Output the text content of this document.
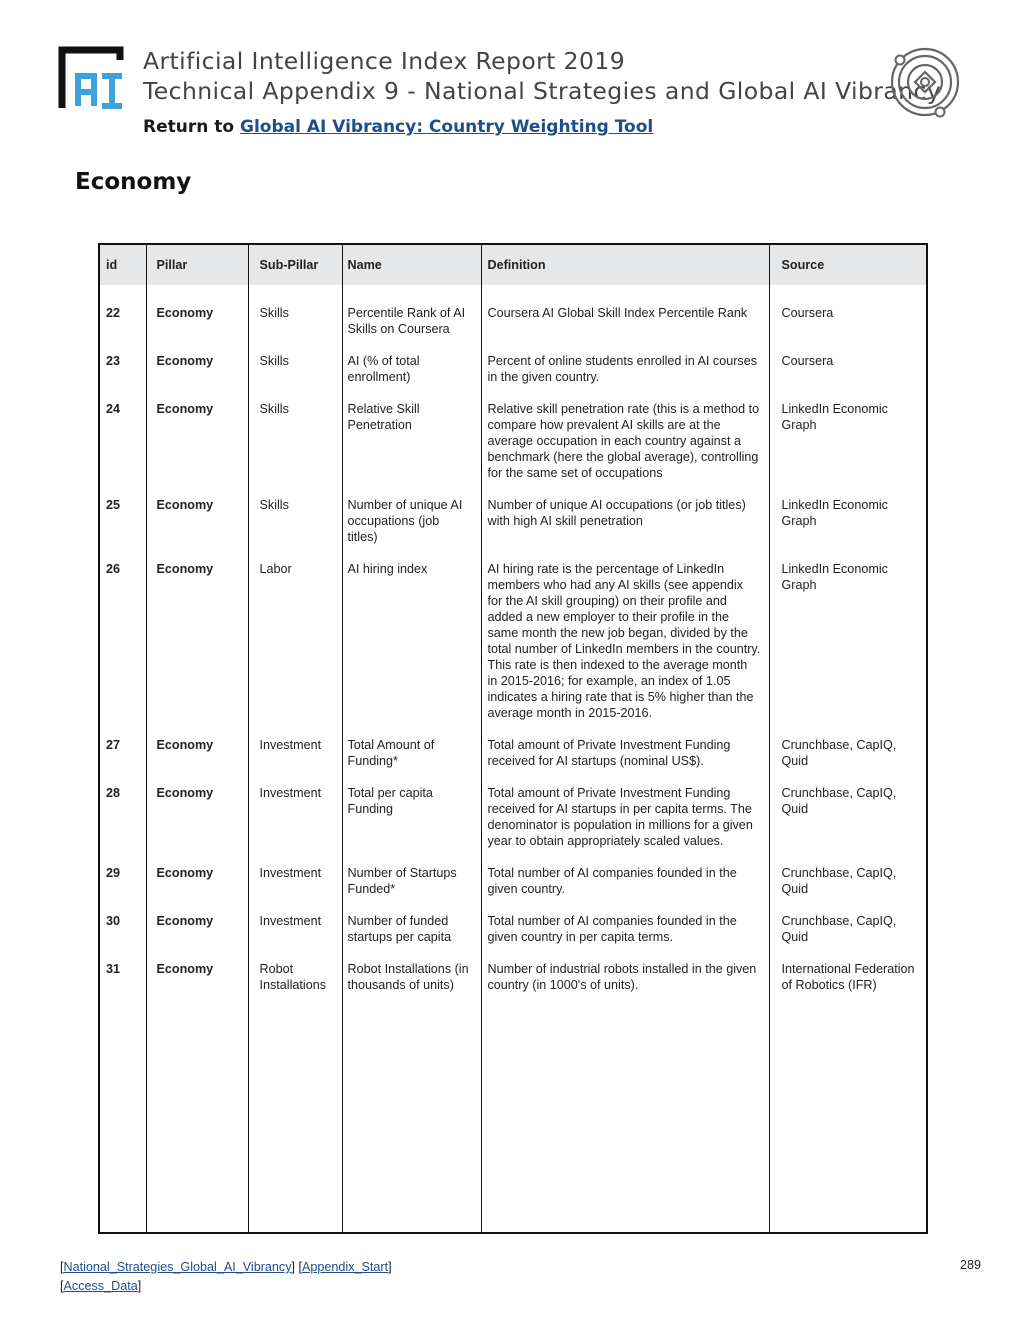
Artificial Intelligence Index Report 2019
Technical Appendix 9 - National Strategies and Global AI Vibrancy
Return to Global AI Vibrancy: Country Weighting Tool
Economy
id	Pillar	Sub-Pillar	Name	Definition	Source
22	Economy	Skills	Percentile Rank of AI Skills on Coursera	Coursera AI Global Skill Index Percentile Rank	Coursera
23	Economy	Skills	AI (% of total enrollment)	Percent of online students enrolled in AI courses in the given country.	Coursera
24	Economy	Skills	Relative Skill Penetration	Relative skill penetration rate (this is a method to compare how prevalent AI skills are at the average occupation in each country against a benchmark (here the global average), controlling for the same set of occupations	LinkedIn Economic Graph
25	Economy	Skills	Number of unique AI occupations (job titles)	Number of unique AI occupations (or job titles) with high AI skill penetration	LinkedIn Economic Graph
26	Economy	Labor	AI hiring index	AI hiring rate is the percentage of LinkedIn members who had any AI skills (see appendix for the AI skill grouping) on their profile and added a new employer to their profile in the same month the new job began, divided by the total number of LinkedIn members in the country. This rate is then indexed to the average month in 2015-2016; for example, an index of 1.05 indicates a hiring rate that is 5% higher than the average month in 2015-2016.	LinkedIn Economic Graph
27	Economy	Investment	Total Amount of Funding*	Total amount of Private Investment Funding received for AI startups (nominal US$).	Crunchbase, CapIQ, Quid
28	Economy	Investment	Total per capita Funding	Total amount of Private Investment Funding received for AI startups in per capita terms. The denominator is population in millions for a given year to obtain appropriately scaled values.	Crunchbase, CapIQ, Quid
29	Economy	Investment	Number of Startups Funded*	Total number of AI companies founded in the given country.	Crunchbase, CapIQ, Quid
30	Economy	Investment	Number of funded startups per capita	Total number of AI companies founded in the given country in per capita terms.	Crunchbase, CapIQ, Quid
31	Economy	Robot Installations	Robot Installations (in thousands of units)	Number of industrial robots installed in the given country (in 1000's of units).	International Federation of Robotics (IFR)

[National_Strategies_Global_AI_Vibrancy] [Appendix_Start]
[Access_Data]
289
